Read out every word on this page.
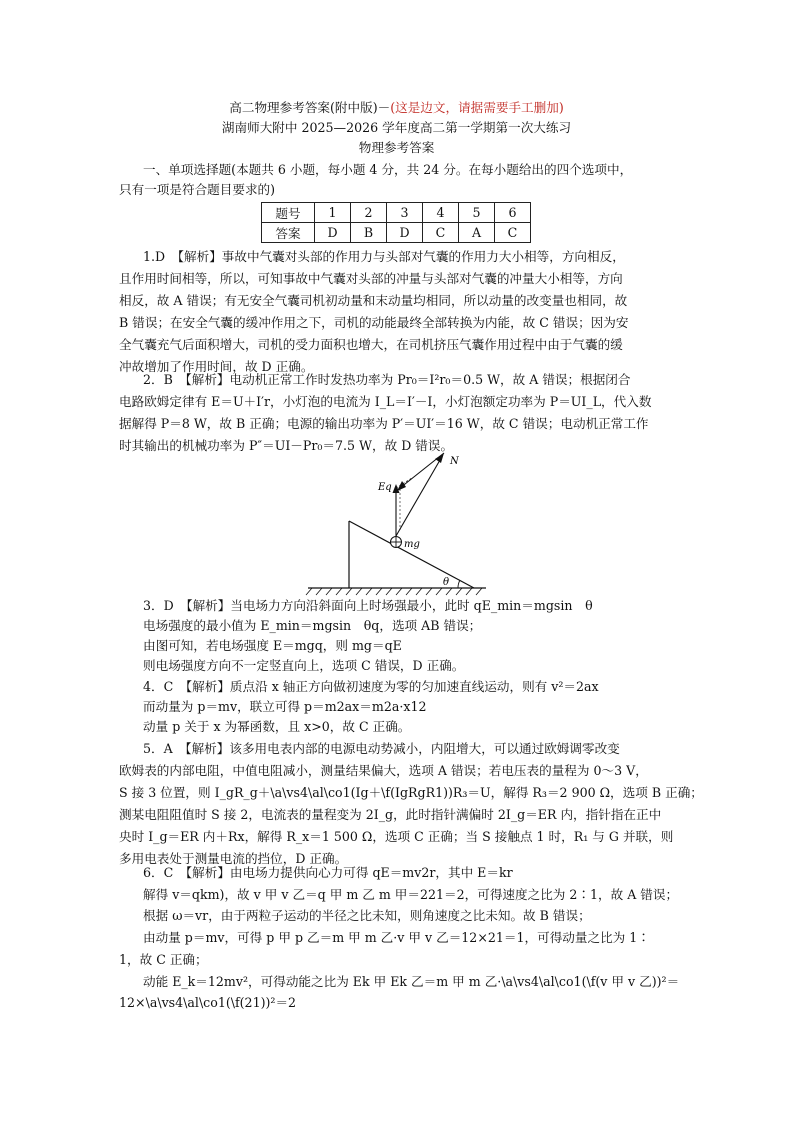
高二物理参考答案(附中版)－(这是边文，请据需要手工删加)
湖南师大附中 2025—2026 学年度高二第一学期第一次大练习
物理参考答案
一、单项选择题(本题共 6 小题，每小题 4 分，共 24 分。在每小题给出的四个选项中，
只有一项是符合题目要求的)
题号	1	2	3	4	5	6
答案	D	B	D	C	A	C
1.D　【解析】事故中气囊对头部的作用力与头部对气囊的作用力大小相等，方向相反，
且作用时间相等，所以，可知事故中气囊对头部的冲量与头部对气囊的冲量大小相等，方向
相反，故 A 错误；有无安全气囊司机初动量和末动量均相同，所以动量的改变量也相同，故
B 错误；在安全气囊的缓冲作用之下，司机的动能最终全部转换为内能，故 C 错误；因为安
全气囊充气后面积增大，司机的受力面积也增大，在司机挤压气囊作用过程中由于气囊的缓
冲故增加了作用时间，故 D 正确。
2．B　【解析】电动机正常工作时发热功率为 Pr₀＝I²r₀＝0.5 W，故 A 错误；根据闭合
电路欧姆定律有 E＝U＋I′r，小灯泡的电流为 I_L＝I′－I，小灯泡额定功率为 P＝UI_L，代入数
据解得 P＝8 W，故 B 正确；电源的输出功率为 P′＝UI′＝16 W，故 C 错误；电动机正常工作
时其输出的机械功率为 P″＝UI－Pr₀＝7.5 W，故 D 错误。
N
Eq
mg
θ
3．D　【解析】当电场力方向沿斜面向上时场强最小，此时 qE_min＝mgsin　θ
电场强度的最小值为 E_min＝mgsin　θq，选项 AB 错误；
由图可知，若电场强度 E＝mgq，则 mg＝qE
则电场强度方向不一定竖直向上，选项 C 错误，D 正确。
4．C　【解析】质点沿 x 轴正方向做初速度为零的匀加速直线运动，则有 v²＝2ax
而动量为 p＝mv，联立可得 p＝m2ax＝m2a·x12
动量 p 关于 x 为幂函数，且 x>0，故 C 正确。
5．A　【解析】该多用电表内部的电源电动势减小，内阻增大，可以通过欧姆调零改变
欧姆表的内部电阻，中值电阻减小，测量结果偏大，选项 A 错误；若电压表的量程为 0～3 V，
S 接 3 位置，则 I_gR_g＋\a\vs4\al\co1(Ig＋\f(IgRgR1))R₃＝U，解得 R₃＝2 900 Ω，选项 B 正确；
测某电阻阻值时 S 接 2，电流表的量程变为 2I_g，此时指针满偏时 2I_g＝ER 内，指针指在正中
央时 I_g＝ER 内＋Rx，解得 R_x＝1 500 Ω，选项 C 正确；当 S 接触点 1 时，R₁ 与 G 并联，则
多用电表处于测量电流的挡位，D 正确。
6．C　【解析】由电场力提供向心力可得 qE＝mv2r，其中 E＝kr
解得 v＝qkm)，故 v 甲 v 乙＝q 甲 m 乙 m 甲＝221＝2，可得速度之比为 2∶1，故 A 错误；
根据 ω＝vr，由于两粒子运动的半径之比未知，则角速度之比未知。故 B 错误；
由动量 p＝mv，可得 p 甲 p 乙＝m 甲 m 乙·v 甲 v 乙＝12×21＝1，可得动量之比为 1∶
1，故 C 正确；
动能 E_k＝12mv²，可得动能之比为 Ek 甲 Ek 乙＝m 甲 m 乙·\a\vs4\al\co1(\f(v 甲 v 乙))²＝
12×\a\vs4\al\co1(\f(21))²＝2
